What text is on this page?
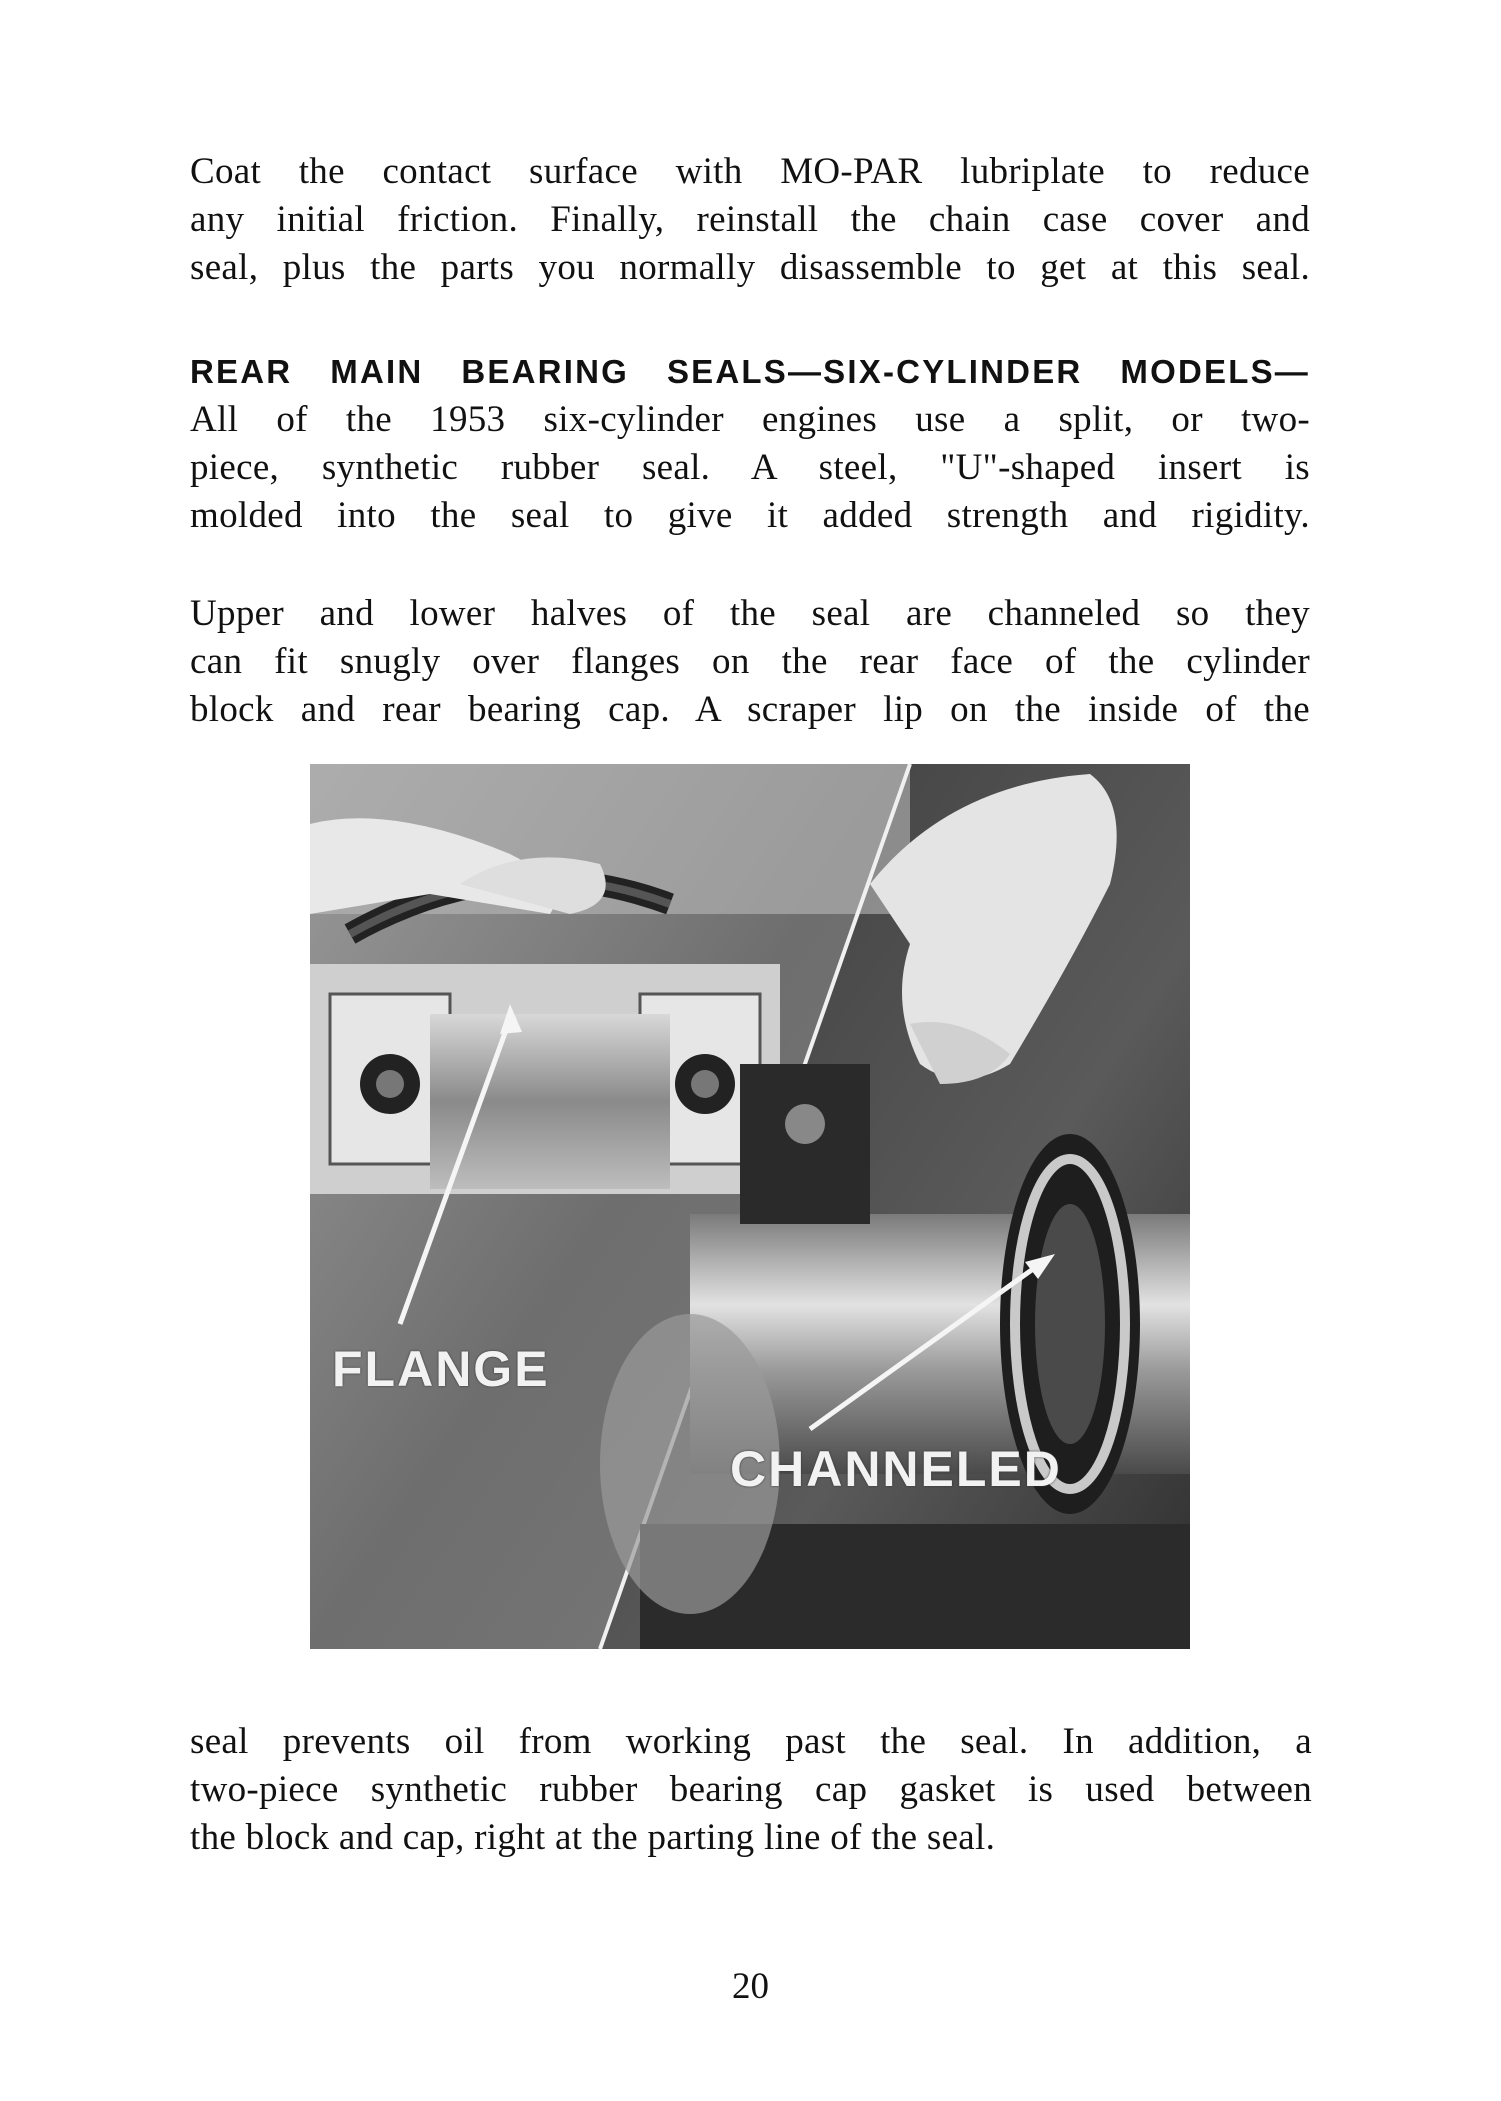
Coat the contact surface with MO-PAR lubriplate to reduce
any initial friction. Finally, reinstall the chain case cover and
seal, plus the parts you normally disassemble to get at this seal.
REAR MAIN BEARING SEALS—SIX-CYLINDER MODELS—
All of the 1953 six-cylinder engines use a split, or two-
piece, synthetic rubber seal. A steel, "U"-shaped insert is
molded into the seal to give it added strength and rigidity.
Upper and lower halves of the seal are channeled so they
can fit snugly over flanges on the rear face of the cylinder
block and rear bearing cap. A scraper lip on the inside of the
FLANGE
CHANNELED
seal prevents oil from working past the seal. In addition, a
two-piece synthetic rubber bearing cap gasket is used between
the block and cap, right at the parting line of the seal.
20
